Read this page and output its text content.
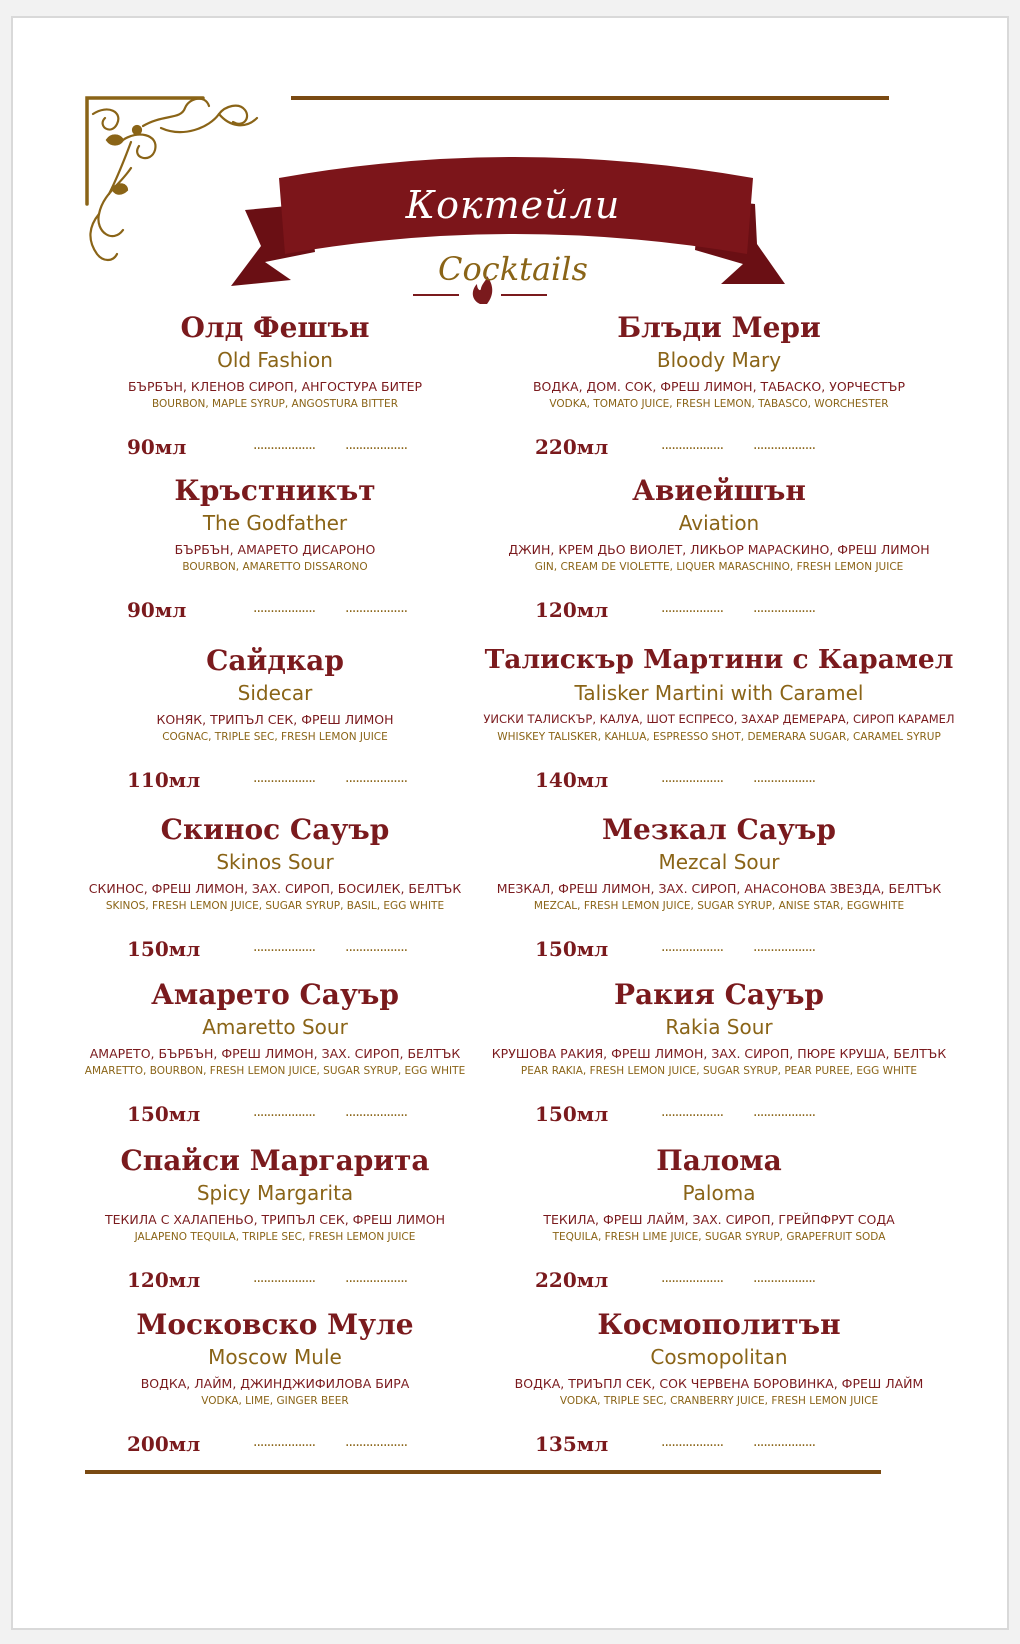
Коктейли
Cocktails
Олд Фешън
Old Fashion
БЪРБЪН, КЛЕНОВ СИРОП, АНГОСТУРА БИТЕР
BOURBON, MAPLE SYRUP, ANGOSTURA BITTER
90мл	.................. ..................
Кръстникът
The Godfather
БЪРБЪН, АМАРЕТО ДИСАРОНО
BOURBON, AMARETTO DISSARONO
90мл	.................. ..................
Сайдкар
Sidecar
КОНЯК, ТРИПЪЛ СЕК, ФРЕШ ЛИМОН
COGNAC, TRIPLE SEC, FRESH LEMON JUICE
110мл	.................. ..................
Скинос Сауър
Skinos Sour
СКИНОС, ФРЕШ ЛИМОН, ЗАХ. СИРОП, БОСИЛЕК, БЕЛТЪК
SKINOS, FRESH LEMON JUICE, SUGAR SYRUP, BASIL, EGG WHITE
150мл	.................. ..................
Амарето Сауър
Amaretto Sour
АМАРЕТО, БЪРБЪН, ФРЕШ ЛИМОН, ЗАХ. СИРОП, БЕЛТЪК
AMARETTO, BOURBON, FRESH LEMON JUICE, SUGAR SYRUP, EGG WHITE
150мл	.................. ..................
Спайси Маргарита
Spicy Margarita
ТЕКИЛА С ХАЛАПЕНЬО, ТРИПЪЛ СЕК, ФРЕШ ЛИМОН
JALAPENO TEQUILA, TRIPLE SEC, FRESH LEMON JUICE
120мл	.................. ..................
Московско Муле
Moscow Mule
ВОДКА, ЛАЙМ, ДЖИНДЖИФИЛОВА БИРА
VODKA, LIME, GINGER BEER
200мл	.................. ..................
Блъди Мери
Bloody Mary
ВОДКА, ДОМ. СОК, ФРЕШ ЛИМОН, ТАБАСКО, УОРЧЕСТЪР
VODKA, TOMATO JUICE, FRESH LEMON, TABASCO, WORCHESTER
220мл	.................. ..................
Авиейшън
Aviation
ДЖИН, КРЕМ ДЬО ВИОЛЕТ, ЛИКЬОР МАРАСКИНО, ФРЕШ ЛИМОН
GIN, CREAM DE VIOLETTE, LIQUER MARASCHINO, FRESH LEMON JUICE
120мл	.................. ..................
Талискър Мартини с Карамел
Talisker Martini with Caramel
УИСКИ ТАЛИСКЪР, КАЛУА, ШОТ ЕСПРЕСО, ЗАХАР ДЕМЕРАРА, СИРОП КАРАМЕЛ
WHISKEY TALISKER, KAHLUA, ESPRESSO SHOT, DEMERARA SUGAR, CARAMEL SYRUP
140мл	.................. ..................
Мезкал Сауър
Mezcal Sour
МЕЗКАЛ, ФРЕШ ЛИМОН, ЗАХ. СИРОП, АНАСОНОВА ЗВЕЗДА, БЕЛТЪК
MEZCAL, FRESH LEMON JUICE, SUGAR SYRUP, ANISE STAR, EGGWHITE
150мл	.................. ..................
Ракия Сауър
Rakia Sour
КРУШОВА РАКИЯ, ФРЕШ ЛИМОН, ЗАХ. СИРОП, ПЮРЕ КРУША, БЕЛТЪК
PEAR RAKIA, FRESH LEMON JUICE, SUGAR SYRUP, PEAR PUREE, EGG WHITE
150мл	.................. ..................
Палома
Paloma
ТЕКИЛА, ФРЕШ ЛАЙМ, ЗАХ. СИРОП, ГРЕЙПФРУТ СОДА
TEQUILA, FRESH LIME JUICE, SUGAR SYRUP, GRAPEFRUIT SODA
220мл	.................. ..................
Космополитън
Cosmopolitan
ВОДКА, ТРИЪПЛ СЕК, СОК ЧЕРВЕНА БОРОВИНКА, ФРЕШ ЛАЙМ
VODKA, TRIPLE SEC, CRANBERRY JUICE, FRESH LEMON JUICE
135мл	.................. ..................
